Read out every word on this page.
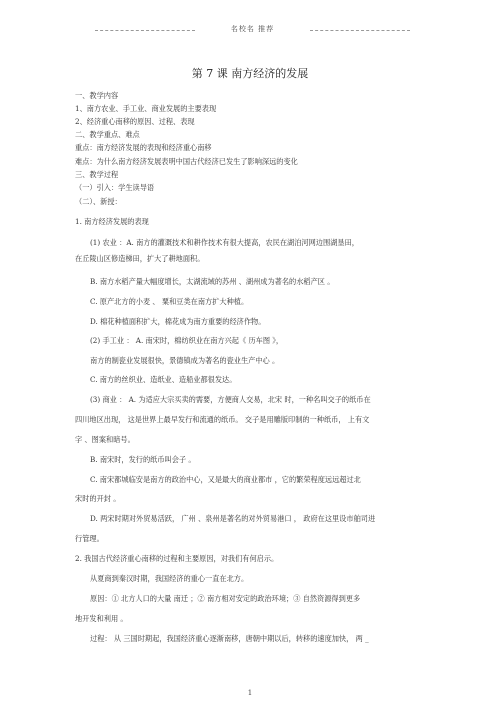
名校名 推荐
第 7 课 南方经济的发展
一、教学内容
1、南方农业、手工业、商业发展的主要表现
2、经济重心南移的原因、过程、表现
二、教学重点、难点
重点：南方经济发展的表现和经济重心南移
难点：为什么南方经济发展表明中国古代经济已发生了影响深远的变化
三、教学过程
（一）引入：学生读导语
（二）、新授：
1. 南方经济发展的表现
(1) 农业 ：A. 南方的灌溉技术和耕作技术有很大提高，农民在湖泊河网边围湖垦田，
在丘陵山区修造梯田，扩大了耕地面积。
B. 南方水稻产量大幅度增长，太湖流域的苏州 、湖州成为著名的水稻产区 。
C. 原产北方的小麦 、 粟和豆类在南方扩大种植。
D. 棉花种植面积扩大，棉花成为南方重要的经济作物。
(2) 手工业 ： A. 南宋时，棉纺织业在南方兴起《 历车图 》，
南方的制瓷业发展很快，景德镇成为著名的瓷业生产中心 。
C. 南方的丝织业、造纸业、造船业都很发达。
(3) 商业 ： A. 为适应大宗买卖的需要，方便商人交易，北宋 时，一种名叫交子的纸币在
四川地区出现， 这是世界上最早发行和流通的纸币。 交子是用雕版印制的一种纸币， 上有文
字 、图案和暗号。
B. 南宋时，发行的纸币叫会子 。
C. 南宋都城临安是南方的政治中心，又是最大的商业都市 ，它的繁荣程度远远超过北
宋时的开封 。
D. 两宋时期对外贸易活跃， 广州 、泉州是著名的对外贸易港口 ， 政府在这里设市舶司进
行管理。
2. 我国古代经济重心南移的过程和主要原因，对我们有何启示。
从夏商到秦汉时期，我国经济的重心一直在北方。
原因：① 北方人口的大量 南迁 ；② 南方相对安定的政治环境；③ 自然资源得到更多
地开发和利用 。
过程： 从 三国时期起，我国经济重心逐渐南移，唐朝中期以后，转移的速度加快， 两 _
1
